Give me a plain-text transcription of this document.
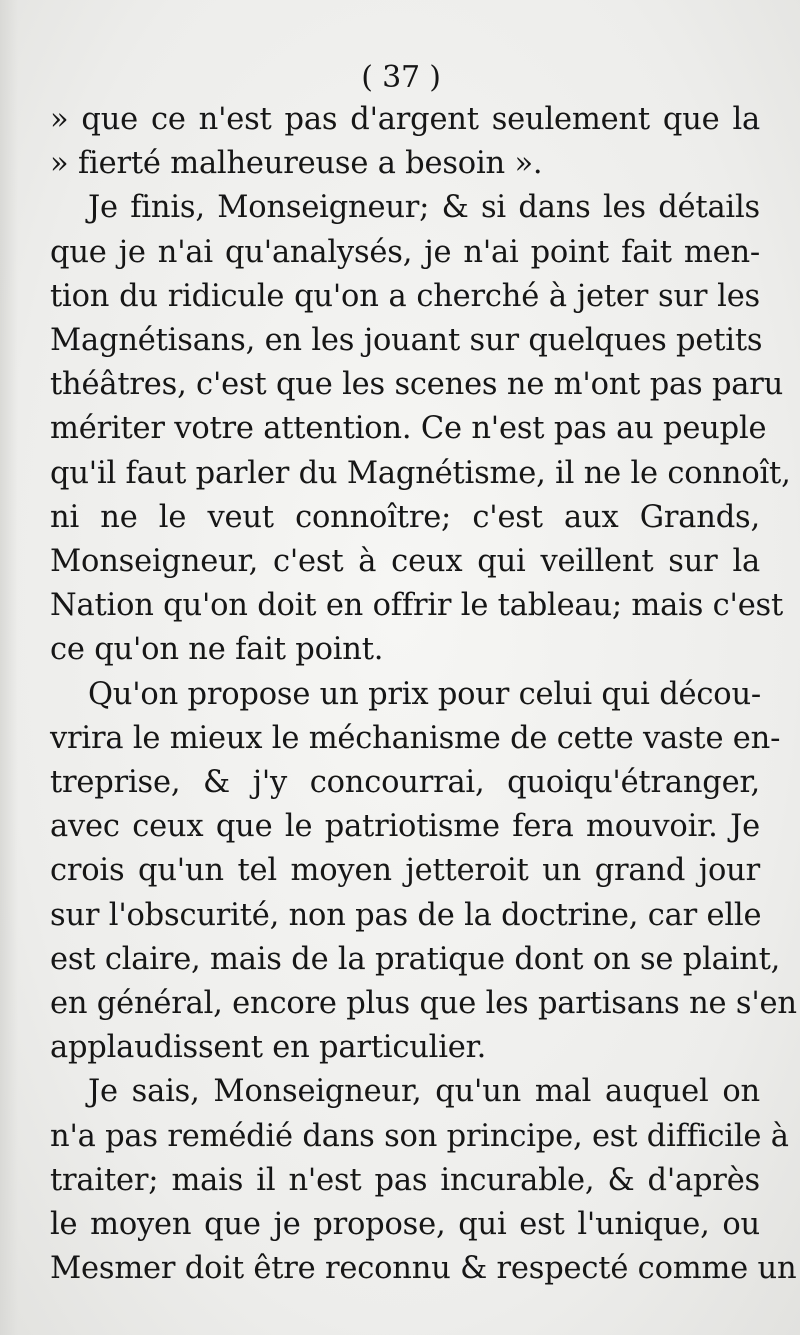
( 37 )
» que ce n'est pas d'argent seulement que la
» fierté malheureuse a besoin ».
Je finis, Monseigneur; & si dans les détails
que je n'ai qu'analysés, je n'ai point fait men-
tion du ridicule qu'on a cherché à jeter sur les
Magnétisans, en les jouant sur quelques petits
théâtres, c'est que les scenes ne m'ont pas paru
mériter votre attention. Ce n'est pas au peuple
qu'il faut parler du Magnétisme, il ne le connoît,
ni ne le veut connoître; c'est aux Grands,
Monseigneur, c'est à ceux qui veillent sur la
Nation qu'on doit en offrir le tableau; mais c'est
ce qu'on ne fait point.
Qu'on propose un prix pour celui qui décou-
vrira le mieux le méchanisme de cette vaste en-
treprise, & j'y concourrai, quoiqu'étranger,
avec ceux que le patriotisme fera mouvoir. Je
crois qu'un tel moyen jetteroit un grand jour
sur l'obscurité, non pas de la doctrine, car elle
est claire, mais de la pratique dont on se plaint,
en général, encore plus que les partisans ne s'en
applaudissent en particulier.
Je sais, Monseigneur, qu'un mal auquel on
n'a pas remédié dans son principe, est difficile à
traiter; mais il n'est pas incurable, & d'après
le moyen que je propose, qui est l'unique, ou
Mesmer doit être reconnu & respecté comme un
